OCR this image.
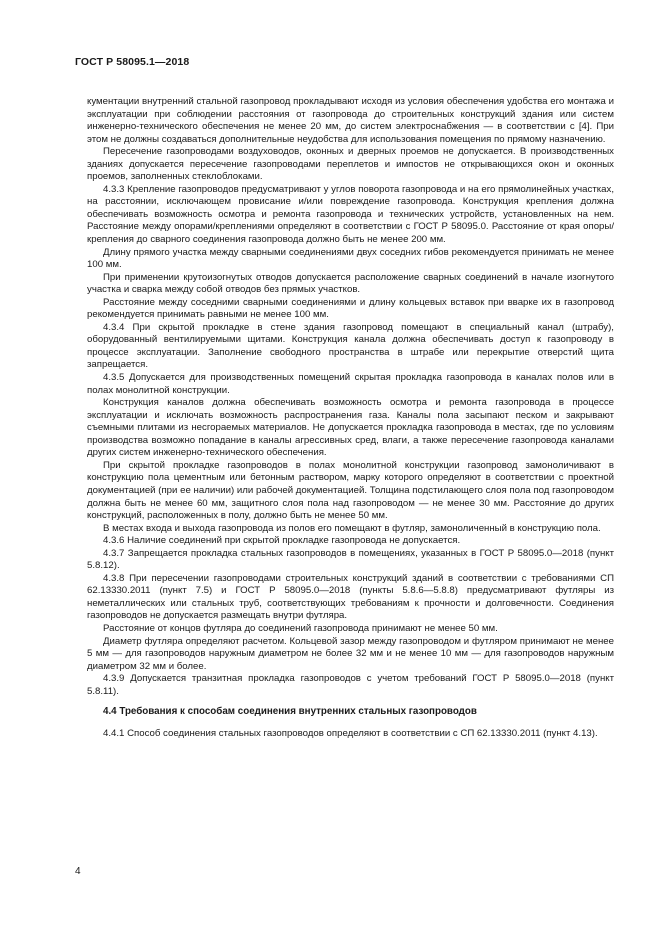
ГОСТ Р 58095.1—2018

кументации внутренний стальной газопровод прокладывают исходя из условия обеспечения удобства его монтажа и эксплуатации при соблюдении расстояния от газопровода до строительных конструкций здания или систем инженерно-технического обеспечения не менее 20 мм, до систем электроснабжения — в соответствии с [4]. При этом не должны создаваться дополнительные неудобства для использования помещения по прямому назначению.

Пересечение газопроводами воздуховодов, оконных и дверных проемов не допускается. В производственных зданиях допускается пересечение газопроводами переплетов и импостов не открывающихся окон и оконных проемов, заполненных стеклоблоками.

4.3.3 Крепление газопроводов предусматривают у углов поворота газопровода и на его прямолинейных участках, на расстоянии, исключающем провисание и/или повреждение газопровода. Конструкция крепления должна обеспечивать возможность осмотра и ремонта газопровода и технических устройств, установленных на нем. Расстояние между опорами/креплениями определяют в соответствии с ГОСТ Р 58095.0. Расстояние от края опоры/крепления до сварного соединения газопровода должно быть не менее 200 мм.

Длину прямого участка между сварными соединениями двух соседних гибов рекомендуется принимать не менее 100 мм.

При применении крутоизогнутых отводов допускается расположение сварных соединений в начале изогнутого участка и сварка между собой отводов без прямых участков.

Расстояние между соседними сварными соединениями и длину кольцевых вставок при вварке их в газопровод рекомендуется принимать равными не менее 100 мм.

4.3.4 При скрытой прокладке в стене здания газопровод помещают в специальный канал (штрабу), оборудованный вентилируемыми щитами. Конструкция канала должна обеспечивать доступ к газопроводу в процессе эксплуатации. Заполнение свободного пространства в штрабе или перекрытие отверстий щита запрещается.

4.3.5 Допускается для производственных помещений скрытая прокладка газопровода в каналах полов или в полах монолитной конструкции.

Конструкция каналов должна обеспечивать возможность осмотра и ремонта газопровода в процессе эксплуатации и исключать возможность распространения газа. Каналы пола засыпают песком и закрывают съемными плитами из несгораемых материалов. Не допускается прокладка газопровода в местах, где по условиям производства возможно попадание в каналы агрессивных сред, влаги, а также пересечение газопровода каналами других систем инженерно-технического обеспечения.

При скрытой прокладке газопроводов в полах монолитной конструкции газопровод замоноличивают в конструкцию пола цементным или бетонным раствором, марку которого определяют в соответствии с проектной документацией (при ее наличии) или рабочей документацией. Толщина подстилающего слоя пола под газопроводом должна быть не менее 60 мм, защитного слоя пола над газопроводом — не менее 30 мм. Расстояние до других конструкций, расположенных в полу, должно быть не менее 50 мм.

В местах входа и выхода газопровода из полов его помещают в футляр, замоноличенный в конструкцию пола.

4.3.6 Наличие соединений при скрытой прокладке газопровода не допускается.

4.3.7 Запрещается прокладка стальных газопроводов в помещениях, указанных в ГОСТ Р 58095.0—2018 (пункт 5.8.12).

4.3.8 При пересечении газопроводами строительных конструкций зданий в соответствии с требованиями СП 62.13330.2011 (пункт 7.5) и ГОСТ Р 58095.0—2018 (пункты 5.8.6—5.8.8) предусматривают футляры из неметаллических или стальных труб, соответствующих требованиям к прочности и долговечности. Соединения газопроводов не допускается размещать внутри футляра.

Расстояние от концов футляра до соединений газопровода принимают не менее 50 мм.

Диаметр футляра определяют расчетом. Кольцевой зазор между газопроводом и футляром принимают не менее 5 мм — для газопроводов наружным диаметром не более 32 мм и не менее 10 мм — для газопроводов наружным диаметром 32 мм и более.

4.3.9 Допускается транзитная прокладка газопроводов с учетом требований ГОСТ Р 58095.0—2018 (пункт 5.8.11).

4.4 Требования к способам соединения внутренних стальных газопроводов

4.4.1 Способ соединения стальных газопроводов определяют в соответствии с СП 62.13330.2011 (пункт 4.13).

4
